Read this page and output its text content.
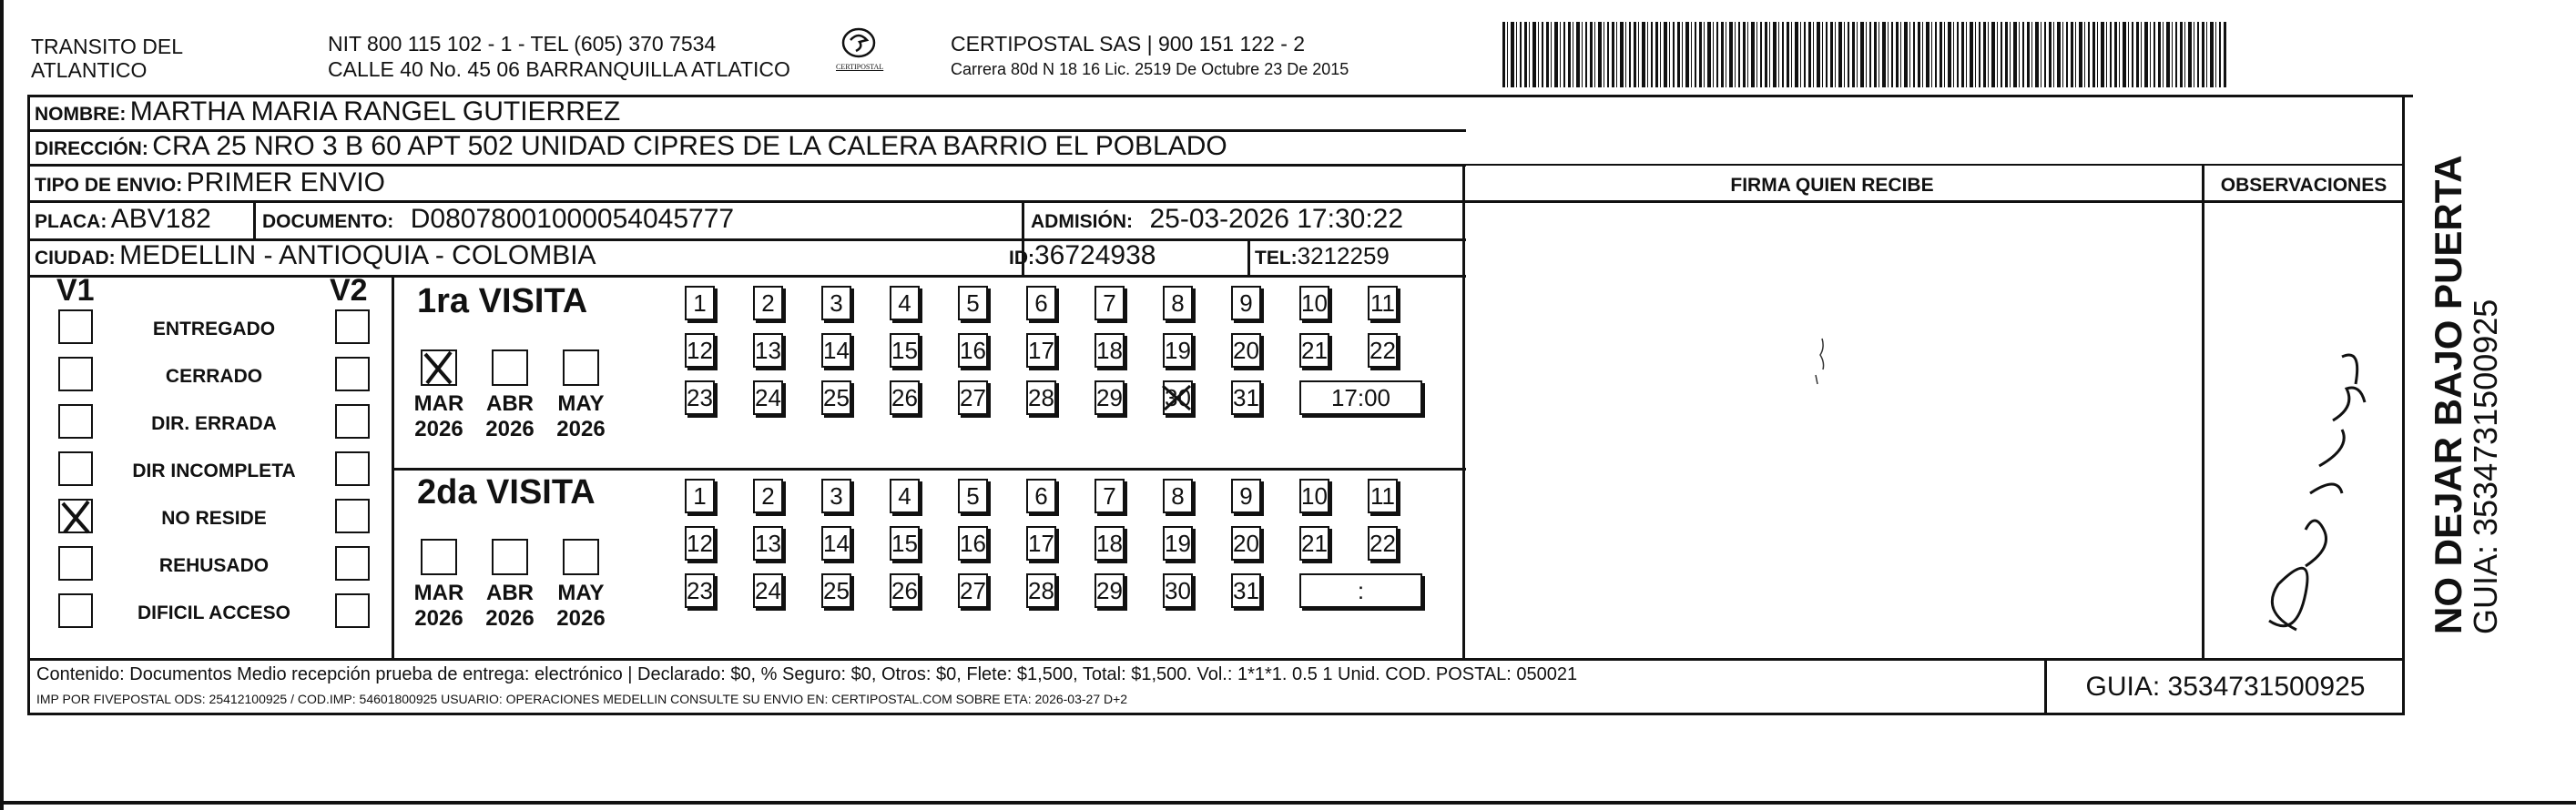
TRANSITO DEL
ATLANTICO
NIT 800 115 102 - 1 - TEL (605) 370 7534
CALLE 40 No. 45 06 BARRANQUILLA ATLATICO	CERTIPOSTAL
CERTIPOSTAL SAS | 900 151 122 - 2
Carrera 80d N 18 16 Lic. 2519 De Octubre 23 De 2015
NOMBRE: MARTHA MARIA RANGEL GUTIERREZ
DIRECCIÓN: CRA 25 NRO 3 B 60 APT 502 UNIDAD CIPRES DE LA CALERA BARRIO EL POBLADO
TIPO DE ENVIO: PRIMER ENVIO
PLACA: ABV182	DOCUMENTO: D08078001000054045777	ADMISIÓN: 25-03-2026 17:30:22
CIUDAD: MEDELLIN - ANTIOQUIA - COLOMBIA	ID:36724938	TEL:3212259
FIRMA QUIEN RECIBE	OBSERVACIONES
V1	V2
ENTREGADO
CERRADO
DIR. ERRADA
DIR INCOMPLETA
NO RESIDE
REHUSADO
DIFICIL ACCESO
1ra VISITA
MAR
2026
ABR
2026
MAY
2026
1	2	3	4	5	6	7	8	9	10 11
12 13 14 15 16 17 18 19 20 21 22
23 24 25 26 27 28 29 30 31	17:00
2da VISITA
MAR
2026
ABR
2026
MAY
2026
1	2	3	4	5	6	7	8	9	10 11
12 13 14 15 16 17 18 19 20 21 22
23 24 25 26 27 28 29 30 31	:
Contenido: Documentos Medio recepción prueba de entrega: electrónico | Declarado: $0, % Seguro: $0, Otros: $0, Flete: $1,500, Total: $1,500. Vol.: 1*1*1. 0.5 1 Unid. COD. POSTAL: 050021
IMP POR FIVEPOSTAL ODS: 25412100925 / COD.IMP: 54601800925 USUARIO: OPERACIONES MEDELLIN CONSULTE SU ENVIO EN: CERTIPOSTAL.COM SOBRE ETA: 2026-03-27 D+2	GUIA: 3534731500925
NO DEJAR BAJO PUERTA
GUIA: 3534731500925
